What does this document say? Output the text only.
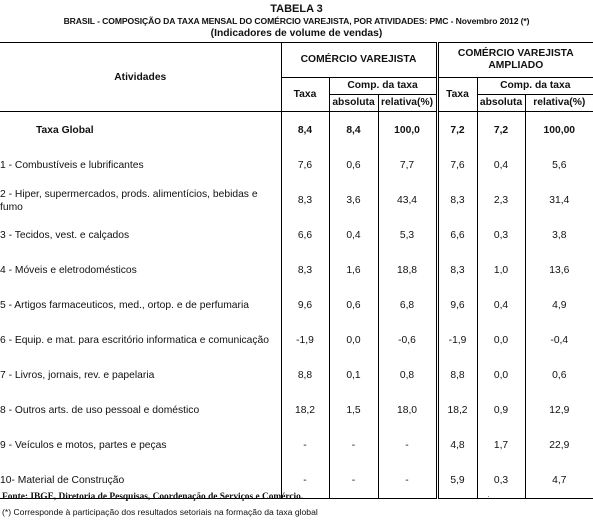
TABELA 3
BRASIL - COMPOSIÇÃO DA TAXA MENSAL DO COMÉRCIO VAREJISTA, POR ATIVIDADES: PMC - Novembro 2012 (*)
(Indicadores de volume de vendas)
Atividades	COMÉRCIO VAREJISTA			COMÉRCIO VAREJISTA
AMPLIADO		
	Taxa	Comp. da taxa		Taxa	Comp. da taxa	
		absoluta	relativa(%)		absoluta	relativa(%)
Taxa Global	8,4	8,4	100,0	7,2	7,2	100,00
1 - Combustíveis e lubrificantes	7,6	0,6	7,7	7,6	0,4	5,6
2 - Hiper, supermercados, prods. alimentícios, bebidas e fumo	8,3	3,6	43,4	8,3	2,3	31,4
3 - Tecidos, vest. e calçados	6,6	0,4	5,3	6,6	0,3	3,8
4 - Móveis e eletrodomésticos	8,3	1,6	18,8	8,3	1,0	13,6
5 - Artigos farmaceuticos, med., ortop. e de perfumaria	9,6	0,6	6,8	9,6	0,4	4,9
6 - Equip. e mat. para escritório informatica e comunicação	-1,9	0,0	-0,6	-1,9	0,0	-0,4
7 - Livros, jornais, rev. e papelaria	8,8	0,1	0,8	8,8	0,0	0,6
8 - Outros arts. de uso pessoal e doméstico	18,2	1,5	18,0	18,2	0,9	12,9
9 - Veículos e motos, partes e peças	-	-	-	4,8	1,7	22,9
10- Material de Construção	-	-	-	5,9	0,3	4,7
Fonte: IBGE, Diretoria de Pesquisas, Coordenação de Serviços e Comércio.
(*) Corresponde à participação dos resultados setoriais na formação da taxa global
